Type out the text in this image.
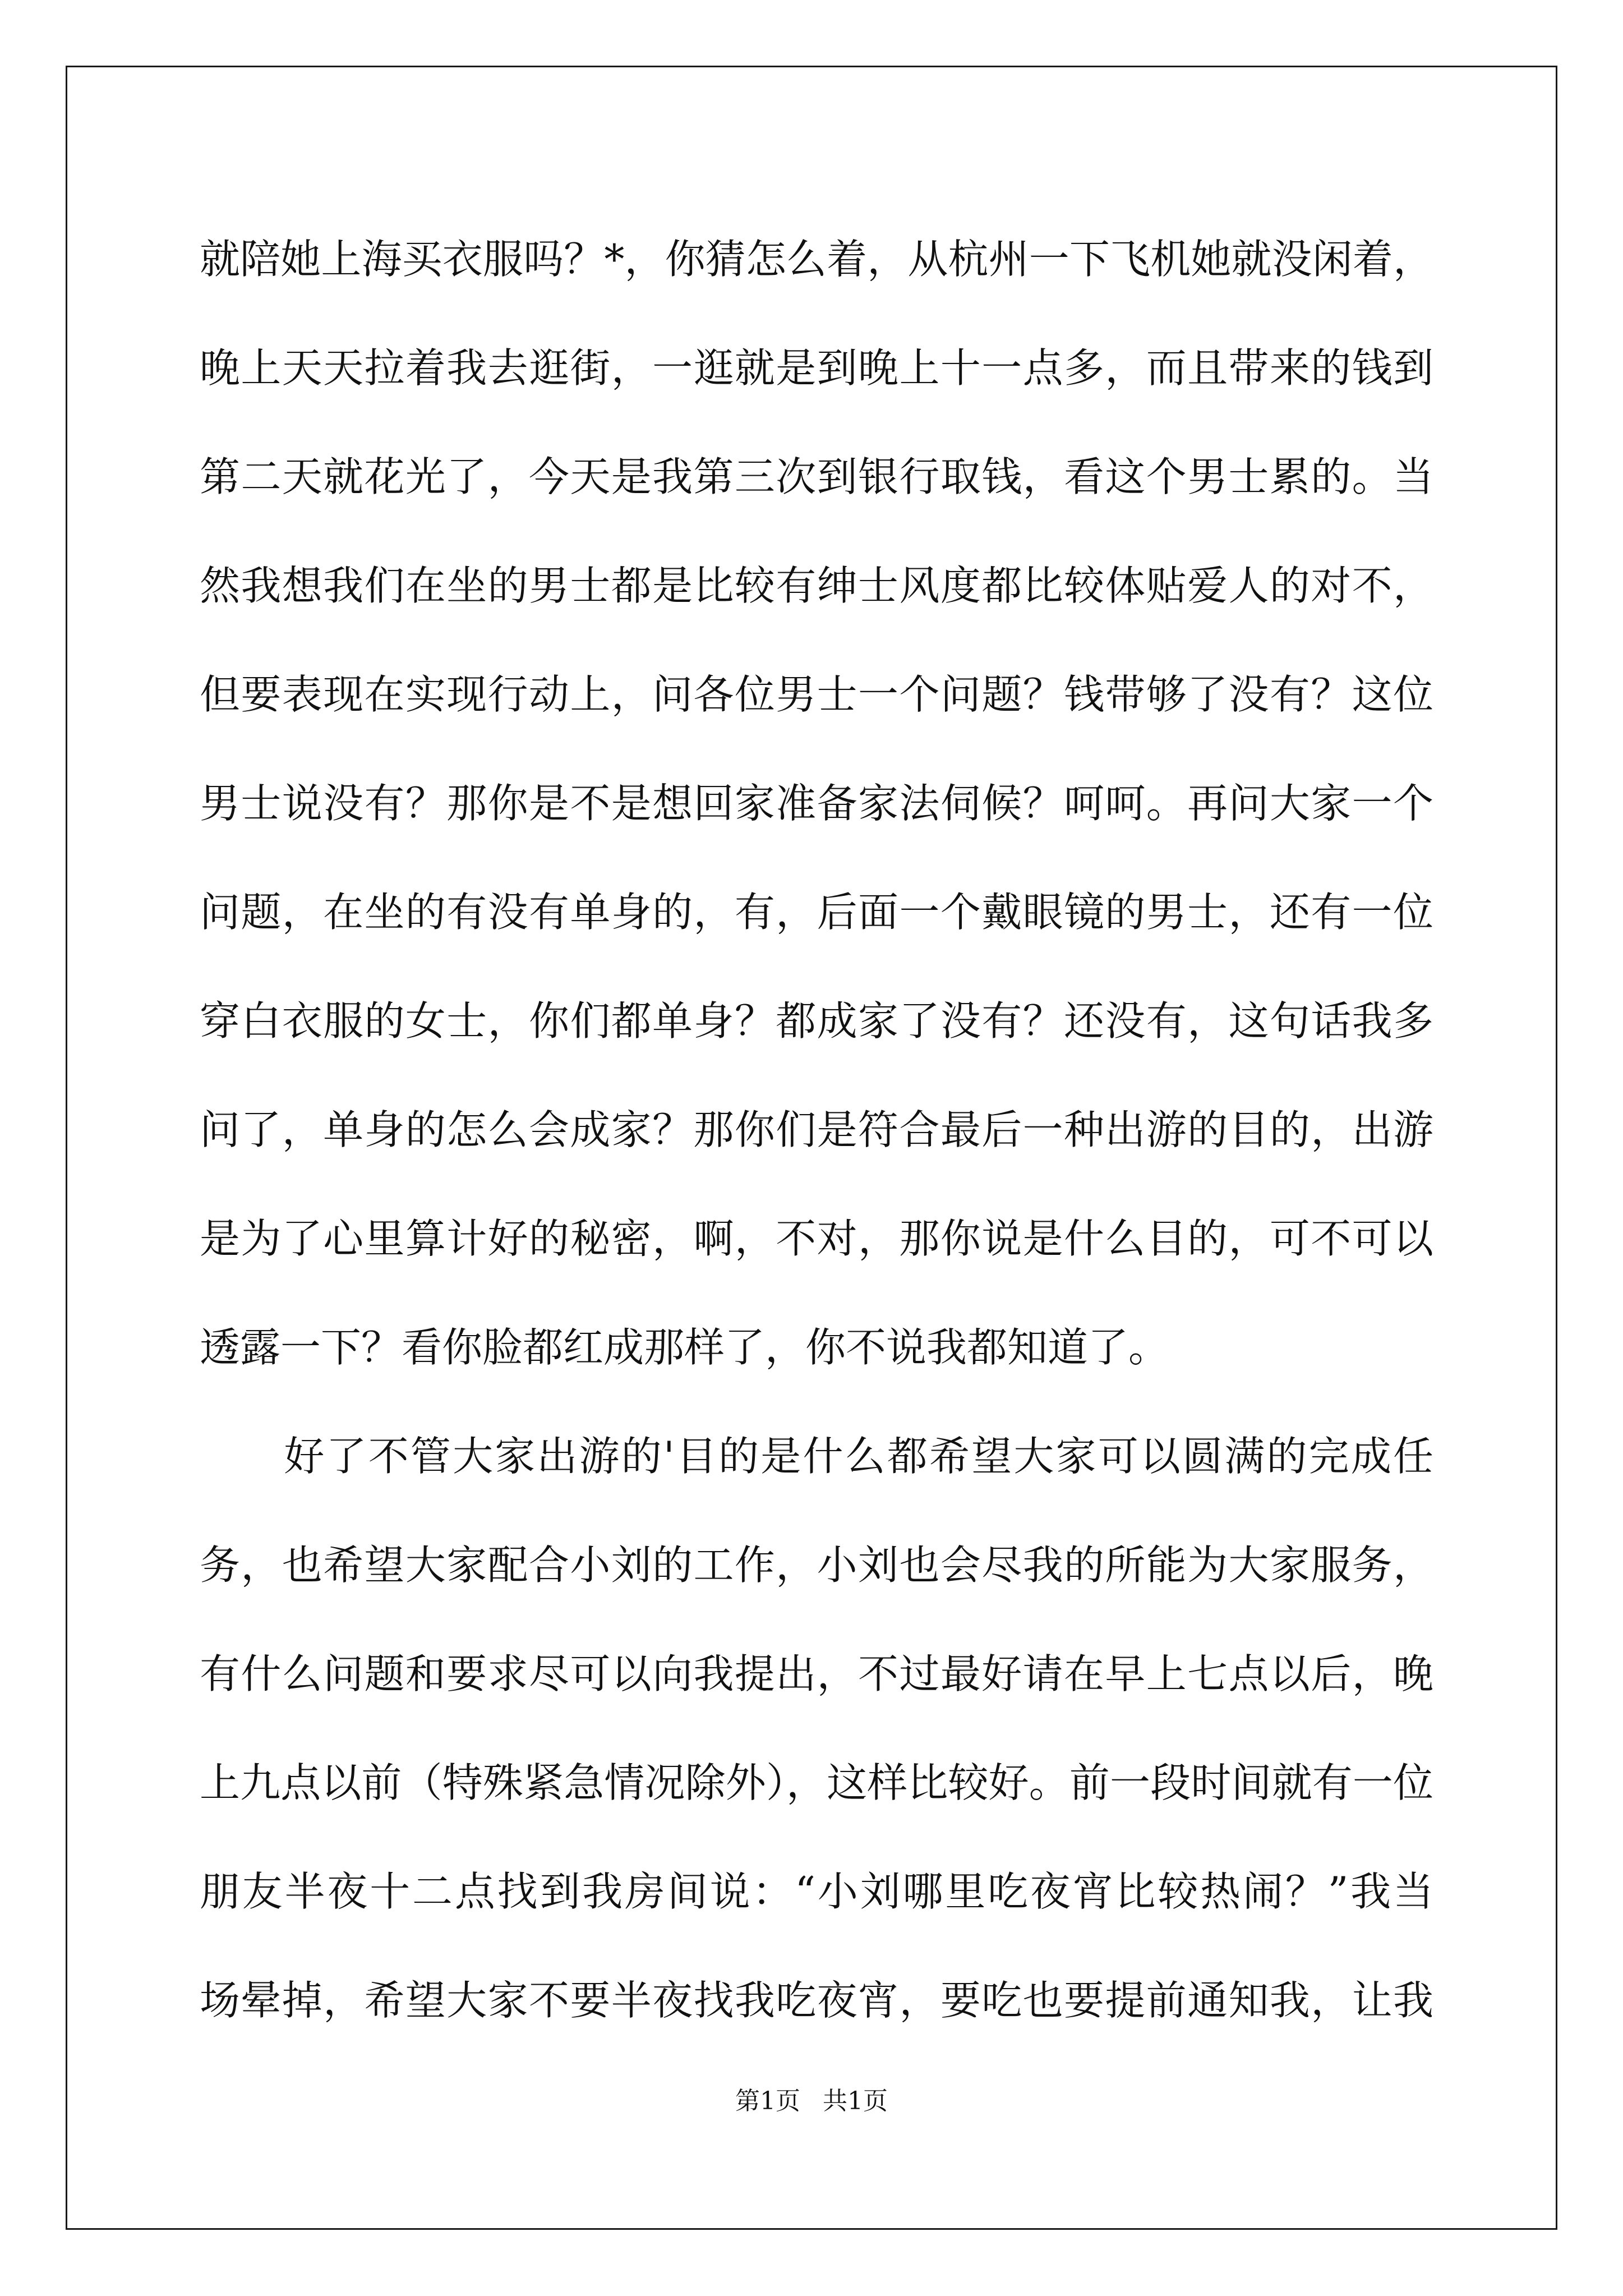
就陪她上海买衣服吗？*，你猜怎么着，从杭州一下飞机她就没闲着，
晚上天天拉着我去逛街，一逛就是到晚上十一点多，而且带来的钱到
第二天就花光了，今天是我第三次到银行取钱，看这个男士累的。当
然我想我们在坐的男士都是比较有绅士风度都比较体贴爱人的对不，
但要表现在实现行动上，问各位男士一个问题？钱带够了没有？这位
男士说没有？那你是不是想回家准备家法伺候？呵呵。再问大家一个
问题，在坐的有没有单身的，有，后面一个戴眼镜的男士，还有一位
穿白衣服的女士，你们都单身？都成家了没有？还没有，这句话我多
问了，单身的怎么会成家？那你们是符合最后一种出游的目的，出游
是为了心里算计好的秘密，啊，不对，那你说是什么目的，可不可以
透露一下？看你脸都红成那样了，你不说我都知道了。
　　好了不管大家出游的'目的是什么都希望大家可以圆满的完成任
务，也希望大家配合小刘的工作，小刘也会尽我的所能为大家服务，
有什么问题和要求尽可以向我提出，不过最好请在早上七点以后，晚
上九点以前（特殊紧急情况除外），这样比较好。前一段时间就有一位
朋友半夜十二点找到我房间说：“小刘哪里吃夜宵比较热闹？”我当
场晕掉，希望大家不要半夜找我吃夜宵，要吃也要提前通知我，让我
第1页 共1页
